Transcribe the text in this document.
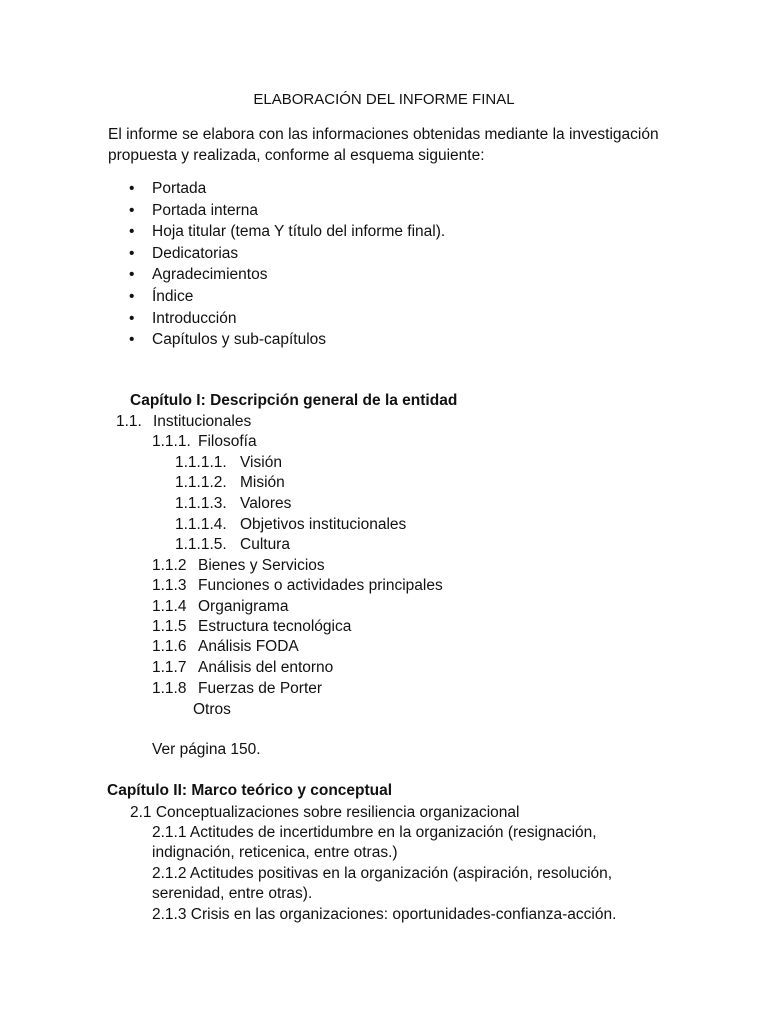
ELABORACIÓN DEL INFORME FINAL
El informe se elabora con las informaciones obtenidas mediante la investigación
propuesta y realizada, conforme al esquema siguiente:
• Portada
• Portada interna
• Hoja titular (tema Y título del informe final).
• Dedicatorias
• Agradecimientos
• Índice
• Introducción
• Capítulos y sub-capítulos
Capítulo I: Descripción general de la entidad
1.1. Institucionales
1.1.1. Filosofía
1.1.1.1. Visión
1.1.1.2. Misión
1.1.1.3. Valores
1.1.1.4. Objetivos institucionales
1.1.1.5. Cultura
1.1.2 Bienes y Servicios
1.1.3 Funciones o actividades principales
1.1.4 Organigrama
1.1.5 Estructura tecnológica
1.1.6 Análisis FODA
1.1.7 Análisis del entorno
1.1.8 Fuerzas de Porter
Otros
Ver página 150.
Capítulo II: Marco teórico y conceptual
2.1 Conceptualizaciones sobre resiliencia organizacional
2.1.1 Actitudes de incertidumbre en la organización (resignación,
indignación, reticenica, entre otras.)
2.1.2 Actitudes positivas en la organización (aspiración, resolución,
serenidad, entre otras).
2.1.3 Crisis en las organizaciones: oportunidades-confianza-acción.
